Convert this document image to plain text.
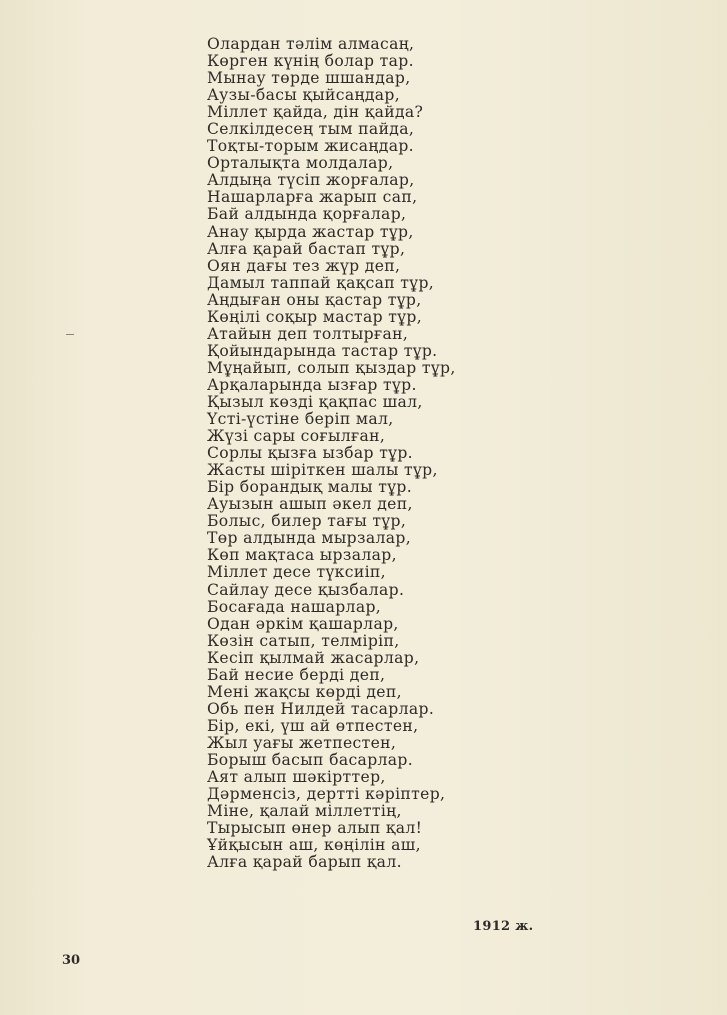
Олардан тәлім алмасаң,
Көрген күнің болар тар.
Мынау төрде шшандар,
Аузы-басы қыйсаңдар,
Міллет қайда, дін қайда?
Селкілдесең тым пайда,
Тоқты-торым жисаңдар.
Орталықта молдалар,
Алдыңа түсіп жорғалар,
Нашарларға жарып сап,
Бай алдында қорғалар,
Анау қырда жастар тұр,
Алға қарай бастап тұр,
Оян дағы тез жүр деп,
Дамыл таппай қақсап тұр,
Аңдыған оны қастар тұр,
Көңілі соқыр мастар тұр,
Атайын деп толтырған,
Қойындарында тастар тұр.
Мұңайып, солып қыздар тұр,
Арқаларында ызғар тұр.
Қызыл көзді қақпас шал,
Үсті-үстіне беріп мал,
Жүзі сары соғылған,
Сорлы қызға ызбар тұр.
Жасты шіріткен шалы тұр,
Бір борандық малы тұр.
Ауызын ашып әкел деп,
Болыс, билер тағы тұр,
Төр алдында мырзалар,
Көп мақтаса ырзалар,
Міллет десе түксиіп,
Сайлау десе қызбалар.
Босағада нашарлар,
Одан әркім қашарлар,
Көзін сатып, телміріп,
Кесіп қылмай жасарлар,
Бай несие берді деп,
Мені жақсы көрді деп,
Обь пен Нилдей тасарлар.
Бір, екі, үш ай өтпестен,
Жыл уағы жетпестен,
Борыш басып басарлар.
Аят алып шәкірттер,
Дәрменсіз, дертті кәріптер,
Міне, қалай міллеттің,
Тырысып өнер алып қал!
Ұйқысын аш, көңілін аш,
Алға қарай барып қал.
1912 ж.
30
